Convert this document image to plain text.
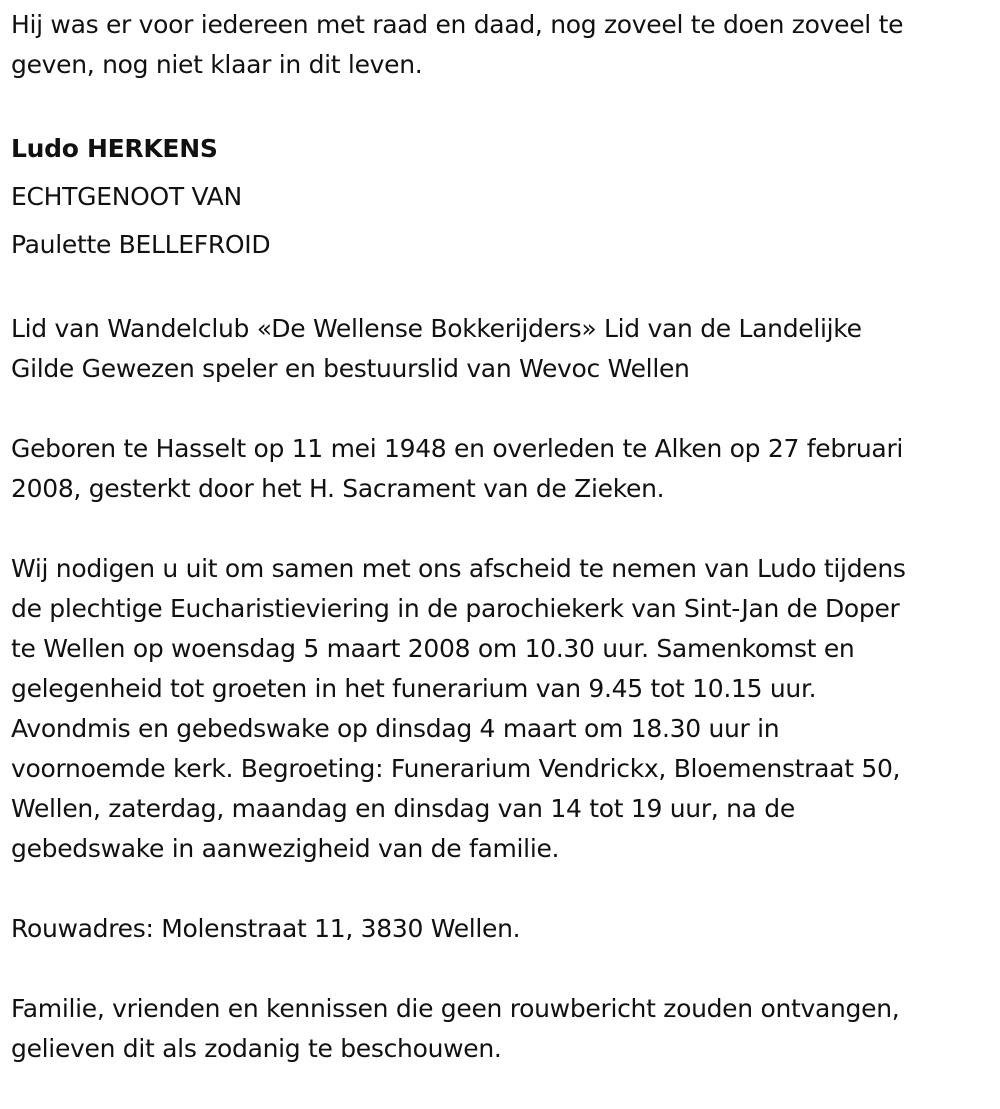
Hij was er voor iedereen met raad en daad, nog zoveel te doen zoveel te

geven, nog niet klaar in dit leven.

Ludo HERKENS

ECHTGENOOT VAN

Paulette BELLEFROID

Lid van Wandelclub «De Wellense Bokkerijders» Lid van de Landelijke

Gilde Gewezen speler en bestuurslid van Wevoc Wellen

Geboren te Hasselt op 11 mei 1948 en overleden te Alken op 27 februari

2008, gesterkt door het H. Sacrament van de Zieken.

Wij nodigen u uit om samen met ons afscheid te nemen van Ludo tijdens

de plechtige Eucharistieviering in de parochiekerk van Sint-Jan de Doper

te Wellen op woensdag 5 maart 2008 om 10.30 uur. Samenkomst en

gelegenheid tot groeten in het funerarium van 9.45 tot 10.15 uur.

Avondmis en gebedswake op dinsdag 4 maart om 18.30 uur in

voornoemde kerk. Begroeting: Funerarium Vendrickx, Bloemenstraat 50,

Wellen, zaterdag, maandag en dinsdag van 14 tot 19 uur, na de

gebedswake in aanwezigheid van de familie.

Rouwadres: Molenstraat 11, 3830 Wellen.

Familie, vrienden en kennissen die geen rouwbericht zouden ontvangen,

gelieven dit als zodanig te beschouwen.
